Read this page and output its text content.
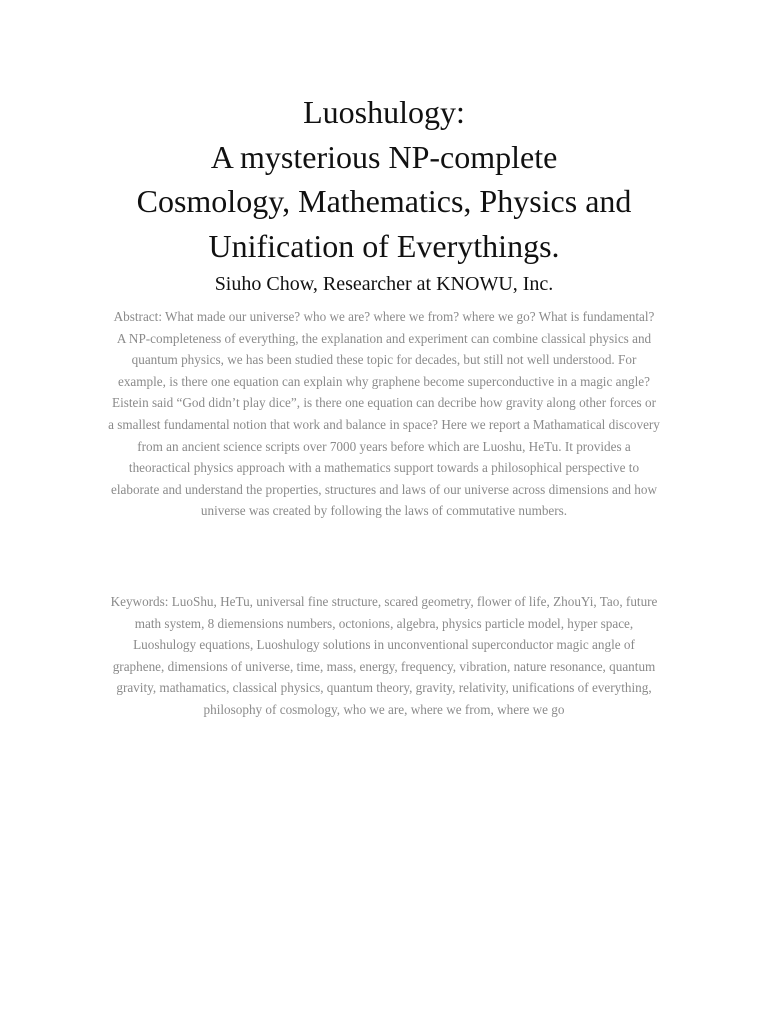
Luoshulogy:
A mysterious NP-complete
Cosmology, Mathematics, Physics and
Unification of Everythings.

Siuho Chow, Researcher at KNOWU, Inc.

Abstract: What made our universe? who we are? where we from? where we go? What is fundamental? A NP-completeness of everything, the explanation and experiment can combine classical physics and quantum physics, we has been studied these topic for decades, but still not well understood. For example, is there one equation can explain why graphene become superconductive in a magic angle? Eistein said “God didn’t play dice”, is there one equation can decribe how gravity along other forces or a smallest fundamental notion that work and balance in space? Here we report a Mathamatical discovery from an ancient science scripts over 7000 years before which are Luoshu, HeTu. It provides a theoractical physics approach with a mathematics support towards a philosophical perspective to elaborate and understand the properties, structures and laws of our universe across dimensions and how universe was created by following the laws of commutative numbers.

Keywords: LuoShu, HeTu, universal fine structure, scared geometry, flower of life, ZhouYi, Tao, future math system, 8 diemensions numbers, octonions, algebra, physics particle model, hyper space, Luoshulogy equations, Luoshulogy solutions in unconventional superconductor magic angle of graphene, dimensions of universe, time, mass, energy, frequency, vibration, nature resonance, quantum gravity, mathamatics, classical physics, quantum theory, gravity, relativity, unifications of everything, philosophy of cosmology, who we are, where we from, where we go
